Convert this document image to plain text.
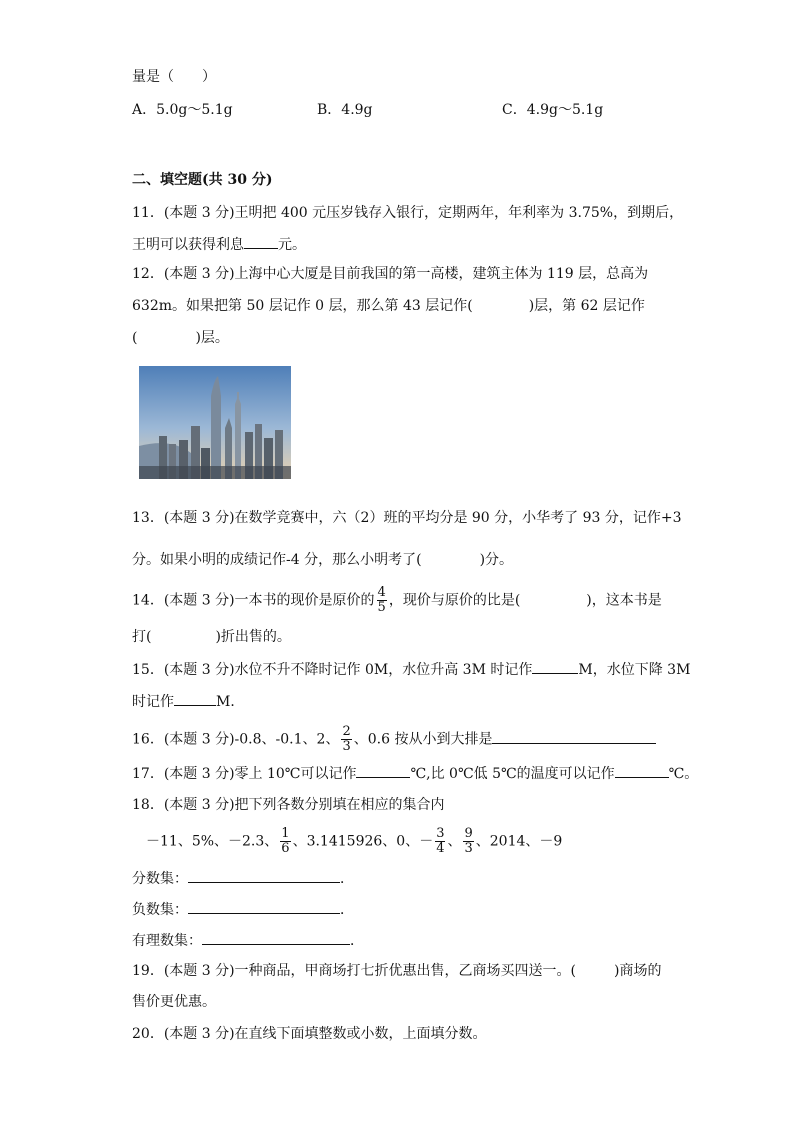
量是（　　）
A．5.0g～5.1g	B．4.9g	C．4.9g～5.1g
二、填空题(共 30 分)
11．(本题 3 分)王明把 400 元压岁钱存入银行，定期两年，年利率为 3.75%，到期后，
王明可以获得利息 元。
12．(本题 3 分)上海中心大厦是目前我国的第一高楼，建筑主体为 119 层，总高为
632m。如果把第 50 层记作 0 层，那么第 43 层记作(	)层，第 62 层记作
(	)层。
13．(本题 3 分)在数学竞赛中，六（2）班的平均分是 90 分，小华考了 93 分，记作+3
分。如果小明的成绩记作-4 分，那么小明考了(	)分。
14．(本题 3 分)一本书的现价是原价的 $\frac{4}{5}$ ，现价与原价的比是(	)，这本书是
打(	)折出售的。
15．(本题 3 分)水位不升不降时记作 0M，水位升高 3M 时记作	M，水位下降 3M
时记作	M．
16．(本题 3 分)-0.8、-0.1、2、 $\frac{2}{3}$ 、0.6 按从小到大排是
17．(本题 3 分)零上 10℃可以记作	℃,比 0℃低 5℃的温度可以记作	℃。
18．(本题 3 分)把下列各数分别填在相应的集合内
－11、5%、－2.3、 $\frac{1}{6}$ 、3.1415926、0、－ $\frac{3}{4}$ 、 $\frac{9}{3}$ 、2014、－9
分数集：	．
负数集：	．
有理数集：	．
19．(本题 3 分)一种商品，甲商场打七折优惠出售，乙商场买四送一。(	)商场的
售价更优惠。
20．(本题 3 分)在直线下面填整数或小数，上面填分数。
